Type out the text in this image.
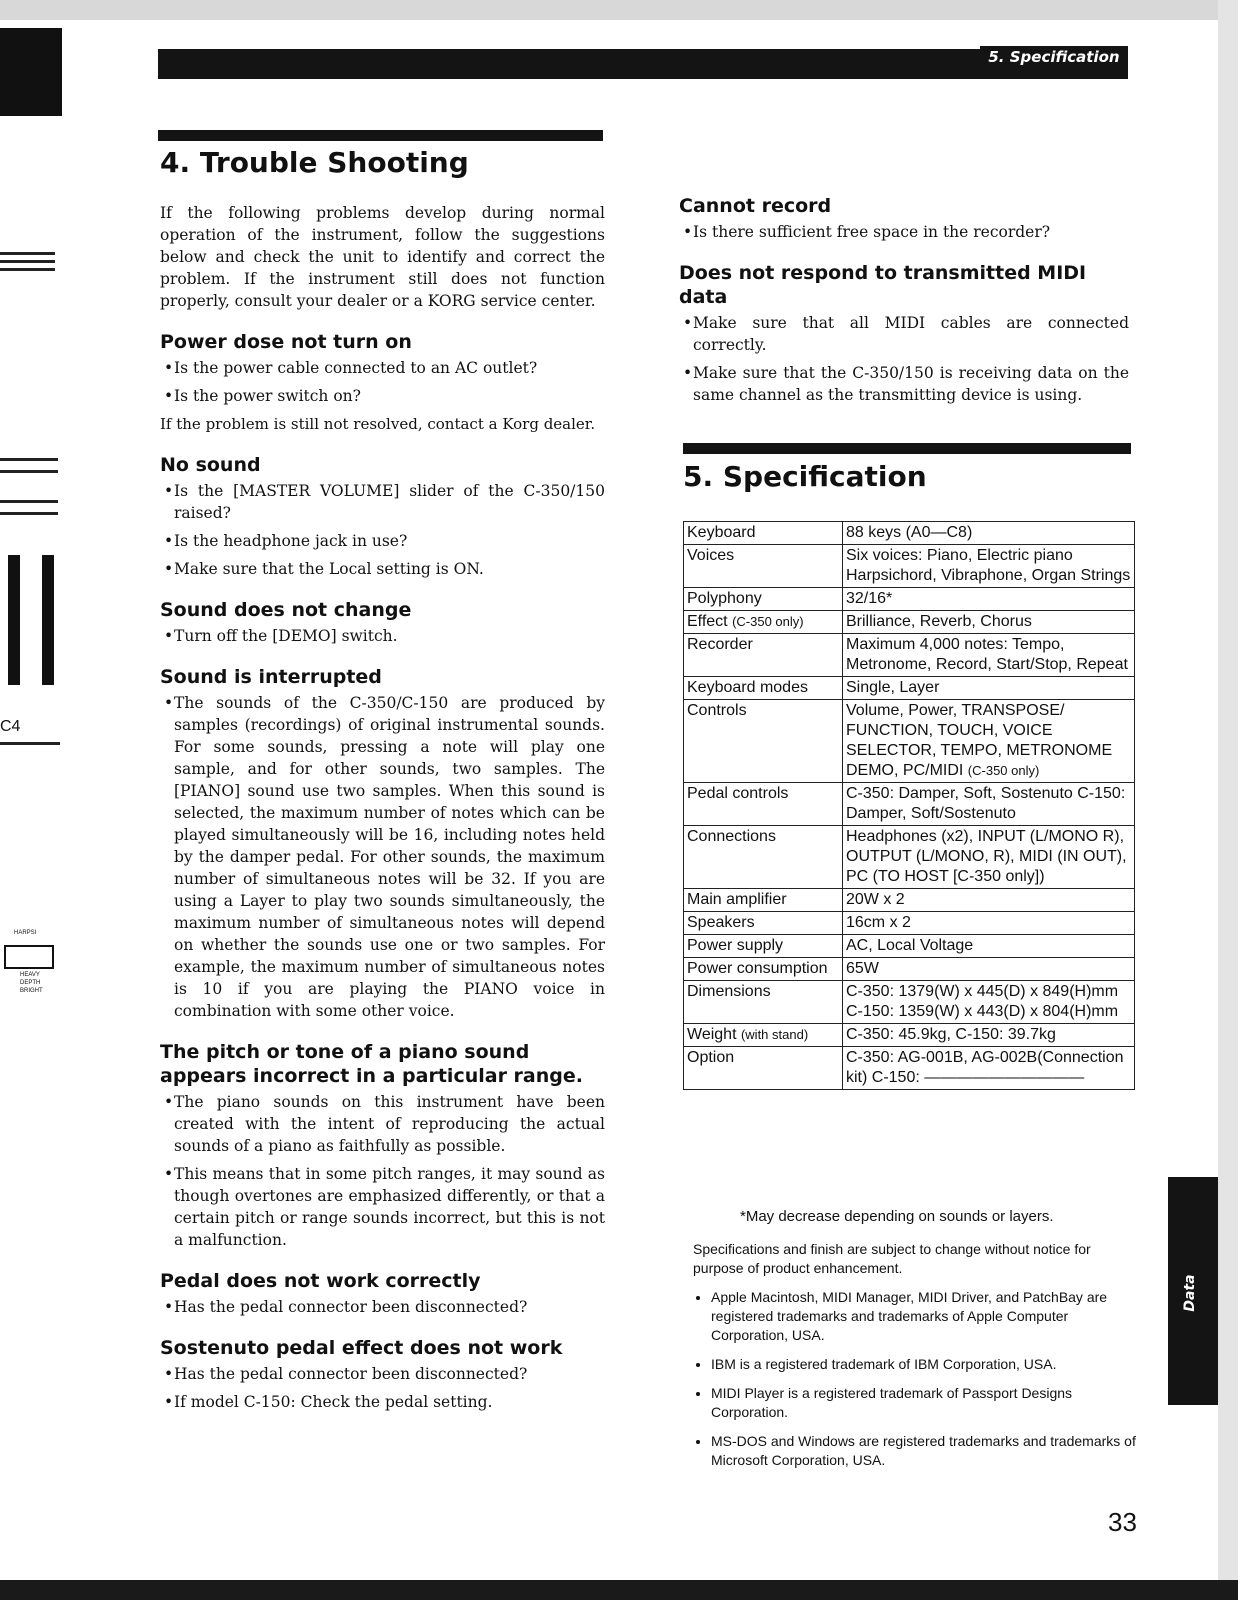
C4
HARPSI
HEAVY
DEPTH
BRIGHT
5. Specification
4. Trouble Shooting

If the following problems develop during normal operation of the instrument, follow the suggestions below and check the unit to identify and correct the problem. If the instrument still does not function properly, consult your dealer or a KORG service center.

Power dose not turn on
• Is the power cable connected to an AC outlet?
• Is the power switch on?
If the problem is still not resolved, contact a Korg dealer.
No sound
• Is the [MASTER VOLUME] slider of the C-350/150 raised?
• Is the headphone jack in use?
• Make sure that the Local setting is ON.
Sound does not change
• Turn off the [DEMO] switch.
Sound is interrupted
• The sounds of the C-350/C-150 are produced by samples (recordings) of original instrumental sounds. For some sounds, pressing a note will play one sample, and for other sounds, two samples. The [PIANO] sound use two samples. When this sound is selected, the maximum number of notes which can be played simultaneously will be 16, including notes held by the damper pedal. For other sounds, the maximum number of simultaneous notes will be 32. If you are using a Layer to play two sounds simultaneously, the maximum number of simultaneous notes will depend on whether the sounds use one or two samples. For example, the maximum number of simultaneous notes is 10 if you are playing the PIANO voice in combination with some other voice.
The pitch or tone of a piano sound appears incorrect in a particular range.
• The piano sounds on this instrument have been created with the intent of reproducing the actual sounds of a piano as faithfully as possible.
• This means that in some pitch ranges, it may sound as though overtones are emphasized differently, or that a certain pitch or range sounds incorrect, but this is not a malfunction.
Pedal does not work correctly
• Has the pedal connector been disconnected?
Sostenuto pedal effect does not work
• Has the pedal connector been disconnected?
• If model C-150: Check the pedal setting.
Cannot record
• Is there sufficient free space in the recorder?
Does not respond to transmitted MIDI data
• Make sure that all MIDI cables are connected correctly.
• Make sure that the C-350/150 is receiving data on the same channel as the transmitting device is using.
5. Specification
Keyboard	88 keys (A0—C8)
Voices	Six voices: Piano, Electric piano Harpsichord, Vibraphone, Organ Strings
Polyphony	32/16*
Effect (C-350 only)	Brilliance, Reverb, Chorus
Recorder	Maximum 4,000 notes: Tempo, Metronome, Record, Start/Stop, Repeat
Keyboard modes	Single, Layer
Controls	Volume, Power, TRANSPOSE/ FUNCTION, TOUCH, VOICE SELECTOR, TEMPO, METRONOME DEMO, PC/MIDI (C-350 only)
Pedal controls	C-350: Damper, Soft, Sostenuto C-150: Damper, Soft/Sostenuto
Connections	Headphones (x2), INPUT (L/MONO R), OUTPUT (L/MONO, R), MIDI (IN OUT), PC (TO HOST [C-350 only])
Main amplifier	20W x 2
Speakers	16cm x 2
Power supply	AC, Local Voltage
Power consumption	65W
Dimensions	C-350: 1379(W) x 445(D) x 849(H)mm C-150: 1359(W) x 443(D) x 804(H)mm
Weight (with stand)	C-350: 45.9kg, C-150: 39.7kg
Option	C-350: AG-001B, AG-002B(Connection kit) C-150: ——————————
*May decrease depending on sounds or layers.

Specifications and finish are subject to change without notice for purpose of product enhancement.

• Apple Macintosh, MIDI Manager, MIDI Driver, and PatchBay are registered trademarks and trademarks of Apple Computer Corporation, USA.
• IBM is a registered trademark of IBM Corporation, USA.
• MIDI Player is a registered trademark of Passport Designs Corporation.
• MS-DOS and Windows are registered trademarks and trademarks of Microsoft Corporation, USA.
Data
33
